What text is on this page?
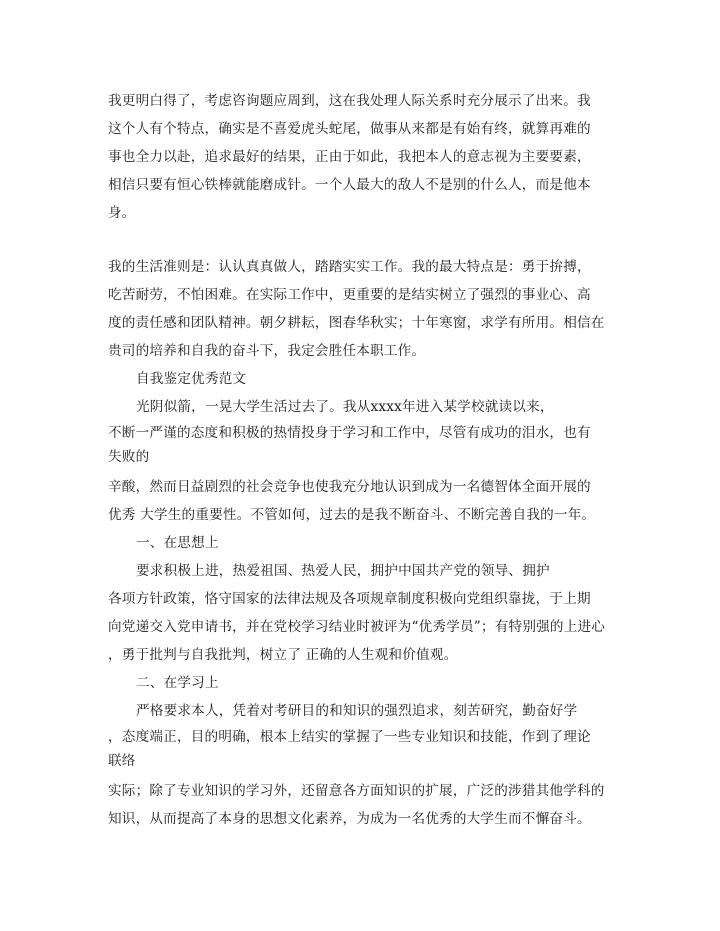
我更明白得了，考虑咨询题应周到，这在我处理人际关系时充分展示了出来。我
这个人有个特点，确实是不喜爱虎头蛇尾，做事从来都是有始有终，就算再难的
事也全力以赴，追求最好的结果，正由于如此，我把本人的意志视为主要要素，
相信只要有恒心铁棒就能磨成针。一个人最大的敌人不是别的什么人，而是他本
身。
我的生活准则是：认认真真做人，踏踏实实工作。我的最大特点是：勇于拚搏，
吃苦耐劳，不怕困难。在实际工作中，更重要的是结实树立了强烈的事业心、高
度的责任感和团队精神。朝夕耕耘，图春华秋实；十年寒窗，求学有所用。相信在
贵司的培养和自我的奋斗下，我定会胜任本职工作。
自我鉴定优秀范文
光阴似箭，一晃大学生活过去了。我从xxxx年进入某学校就读以来，
不断一严谨的态度和积极的热情投身于学习和工作中，尽管有成功的泪水，也有
失败的
辛酸，然而日益剧烈的社会竞争也使我充分地认识到成为一名德智体全面开展的
优秀 大学生的重要性。不管如何，过去的是我不断奋斗、不断完善自我的一年。
一、在思想上
要求积极上进，热爱祖国、热爱人民，拥护中国共产党的领导、拥护
各项方针政策，恪守国家的法律法规及各项规章制度积极向党组织靠拢，于上期
向党递交入党申请书，并在党校学习结业时被评为“优秀学员”；有特别强的上进心
，勇于批判与自我批判，树立了 正确的人生观和价值观。
二、在学习上
严格要求本人，凭着对考研目的和知识的强烈追求，刻苦研究，勤奋好学
，态度端正，目的明确，根本上结实的掌握了一些专业知识和技能，作到了理论
联络
实际；除了专业知识的学习外，还留意各方面知识的扩展，广泛的涉猎其他学科的
知识，从而提高了本身的思想文化素养，为成为一名优秀的大学生而不懈奋斗。
